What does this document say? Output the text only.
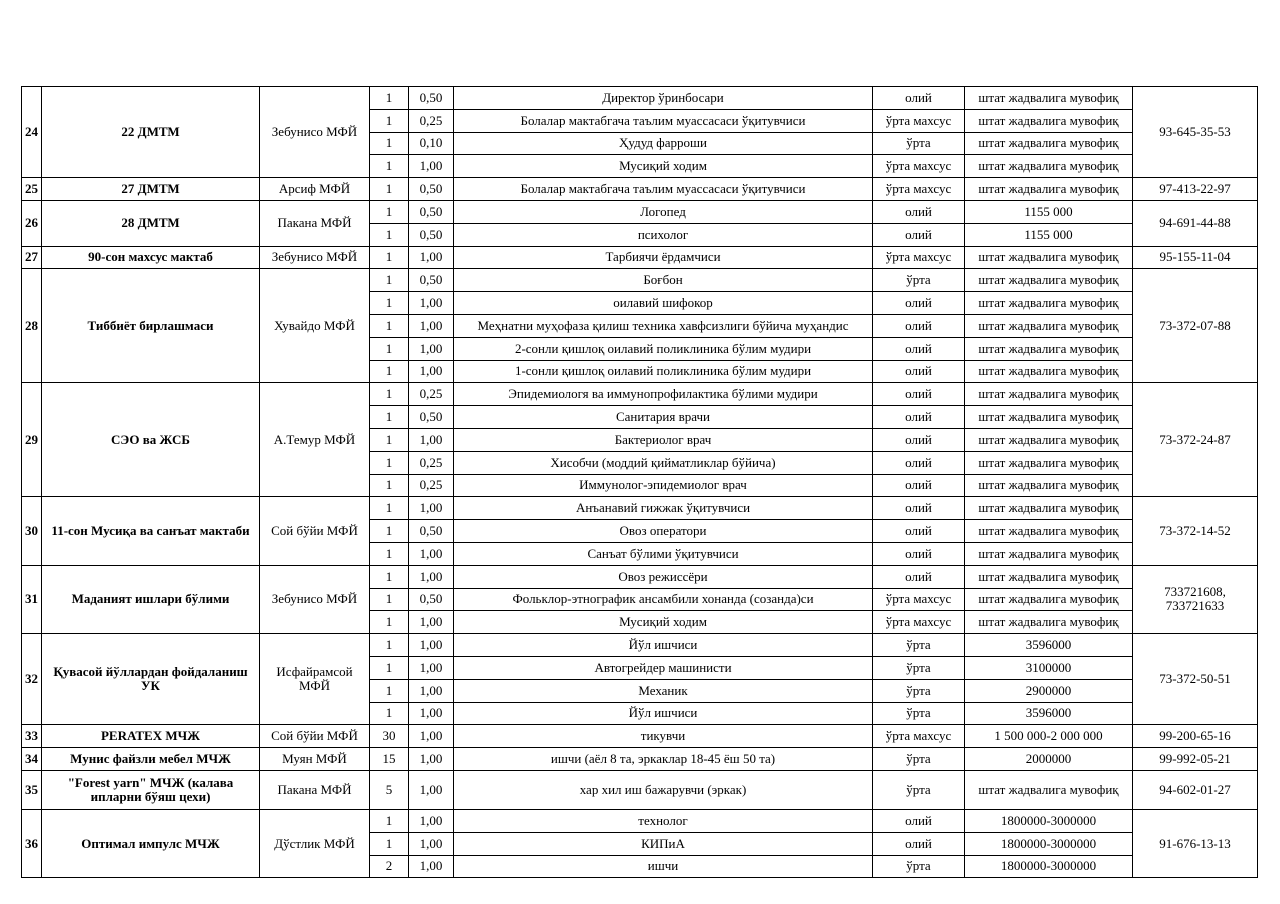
24	22 ДМТМ	Зебунисо МФЙ	1	0,50	Директор ўринбосари	олий	штат жадвалига мувофиқ	93-645-35-53

			1	0,25	Болалар мактабгача таълим муассасаси ўқитувчиси	ўрта махсус	штат жадвалига мувофиқ	
			1	0,10	Ҳудуд фарроши	ўрта	штат жадвалига мувофиқ	
			1	1,00	Мусиқий ходим	ўрта махсус	штат жадвалига мувофиқ	
25	27 ДМТМ	Арсиф МФЙ	1	0,50	Болалар мактабгача таълим муассасаси ўқитувчиси	ўрта махсус	штат жадвалига мувофиқ	97-413-22-97

26	28 ДМТМ	Пакана МФЙ	1	0,50	Логопед	олий	1155 000	94-691-44-88

			1	0,50	психолог	олий	1155 000	
27	90-сон махсус мактаб	Зебунисо МФЙ	1	1,00	Тарбиячи ёрдамчиси	ўрта махсус	штат жадвалига мувофиқ	95-155-11-04

28	Тиббиёт бирлашмаси	Хувайдо МФЙ	1	0,50	Боғбон	ўрта	штат жадвалига мувофиқ	73-372-07-88

			1	1,00	оилавий шифокор	олий	штат жадвалига мувофиқ	
			1	1,00	Меҳнатни муҳофаза қилиш техника хавфсизлиги бўйича муҳандис	олий	штат жадвалига мувофиқ	
			1	1,00	2-сонли қишлоқ оилавий поликлиника бўлим мудири	олий	штат жадвалига мувофиқ	
			1	1,00	1-сонли қишлоқ оилавий поликлиника бўлим мудири	олий	штат жадвалига мувофиқ	
29	СЭО ва ЖСБ	А.Темур МФЙ	1	0,25	Эпидемиологя ва иммунопрофилактика бўлими мудири	олий	штат жадвалига мувофиқ	73-372-24-87

			1	0,50	Санитария врачи	олий	штат жадвалига мувофиқ	
			1	1,00	Бактериолог врач	олий	штат жадвалига мувофиқ	
			1	0,25	Хисобчи (моддий қийматликлар бўйича)	олий	штат жадвалига мувофиқ	
			1	0,25	Иммунолог-эпидемиолог врач	олий	штат жадвалига мувофиқ	
30	11-сон Мусиқа ва санъат мактаби	Сой бўйи МФЙ	1	1,00	Анъанавий гижжак ўқитувчиси	олий	штат жадвалига мувофиқ	73-372-14-52

			1	0,50	Овоз оператори	олий	штат жадвалига мувофиқ	
			1	1,00	Санъат бўлими ўқитувчиси	олий	штат жадвалига мувофиқ	
31	Маданият ишлари бўлими	Зебунисо МФЙ	1	1,00	Овоз режиссёри	олий	штат жадвалига мувофиқ	733721608,
733721633

			1	0,50	Фольклор-этнографик ансамбили хонанда (созанда)си	ўрта махсус	штат жадвалига мувофиқ	
			1	1,00	Мусиқий ходим	ўрта махсус	штат жадвалига мувофиқ	
32	Қувасой йўллардан фойдаланиш УК	Исфайрамсой МФЙ	1	1,00	Йўл ишчиси	ўрта	3596000	73-372-50-51

			1	1,00	Автогрейдер машинисти	ўрта	3100000	
			1	1,00	Механик	ўрта	2900000	
			1	1,00	Йўл ишчиси	ўрта	3596000	
33	PERATEX МЧЖ	Сой бўйи МФЙ	30	1,00	тикувчи	ўрта махсус	1 500 000-2 000 000	99-200-65-16

34	Мунис файзли мебел МЧЖ	Муян МФЙ	15	1,00	ишчи (аёл 8 та, эркаклар 18-45 ёш 50 та)	ўрта	2000000	99-992-05-21

35	"Forest yarn" МЧЖ (калава ипларни бўяш цехи)	Пакана МФЙ	5	1,00	хар хил иш бажарувчи (эркак)	ўрта	штат жадвалига мувофиқ	94-602-01-27

36	Оптимал импулс МЧЖ	Дўстлик МФЙ	1	1,00	технолог	олий	1800000-3000000	91-676-13-13

			1	1,00	КИПиА	олий	1800000-3000000	
			2	1,00	ишчи	ўрта	1800000-3000000	
